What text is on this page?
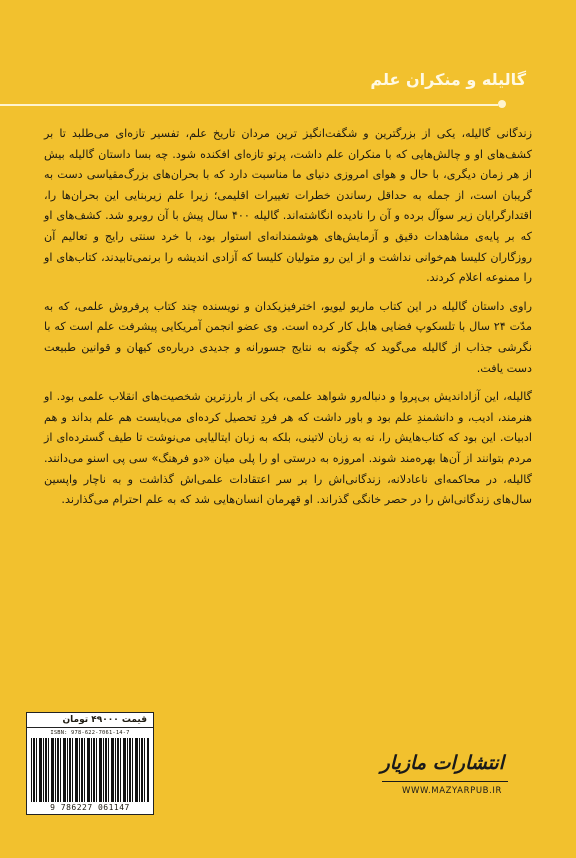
گالیله و منکران علم

زندگانی گالیله، یکی از بزرگترین و شگفت‌انگیز ترین مردان تاریخ علم، تفسیر تازه‌ای می‌طلبد تا بر کشف‌های او و چالش‌هایی که با منکران علم داشت، پرتو تازه‌ای افکنده شود. چه بسا داستان گالیله بیش از هر زمان دیگری، با حال و هوای امروزی دنیای ما مناسبت دارد که با بحران‌های بزرگ‌مقیاسی دست به گریبان است، از جمله به حداقل رساندن خطرات تغییرات اقلیمی؛ زیرا علم زیربنایی این بحران‌ها را، اقتدارگرایان زیر سوآل برده و آن را نادیده انگاشته‌اند. گالیله ۴۰۰ سال پیش با آن روبرو شد. کشف‌های او که بر پایه‌ی مشاهدات دقیق و آزمایش‌های هوشمندانه‌ای استوار بود، با خرد سنتی رایج و تعالیم آن روزگاران کلیسا هم‌خوانی نداشت و از این رو متولیان کلیسا که آزادی اندیشه را برنمی‌تابیدند، کتاب‌های او را ممنوعه اعلام کردند.

راوی داستان گالیله در این کتاب ماریو لیویو، اخترفیزیکدان و نویسنده چند کتاب پرفروش علمی، که به مدّت ۲۴ سال با تلسکوپ فضایی هابل کار کرده است. وی عضو انجمن آمریکایی پیشرفت علم است که با نگرشی جذاب از گالیله می‌گوید که چگونه به نتایج جسورانه و جدیدی درباره‌ی کیهان و قوانین طبیعت دست یافت.

گالیله، این آزاداندیش بی‌پروا و دنباله‌رو شواهد علمی، یکی از بارزترین شخصیت‌های انقلاب علمی بود. او هنرمند، ادیب، و دانشمندِ علم بود و باور داشت که هر فردِ تحصیل کرده‌ای می‌بایست هم علم بداند و هم ادبیات. این بود که کتاب‌هایش را، نه به زبان لاتینی، بلکه به زبان ایتالیایی می‌نوشت تا طیف گسترده‌ای از مردم بتوانند از آن‌ها بهره‌مند شوند. امروزه به درستی او را پلی میان «دو فرهنگ» سی پی اسنو می‌دانند. گالیله، در محاکمه‌ای ناعادلانه، زندگانی‌اش را بر سر اعتقادات علمی‌اش گذاشت و به ناچار واپسین سال‌های زندگانی‌اش را در حصر خانگی گذراند. او قهرمان انسان‌هایی شد که به علم احترام می‌گذارند.

قیمت ۴۹۰۰۰ تومان
ISBN: 978-622-7061-14-7
9 786227 061147
انتشارات مازیار
WWW.MAZYARPUB.IR
